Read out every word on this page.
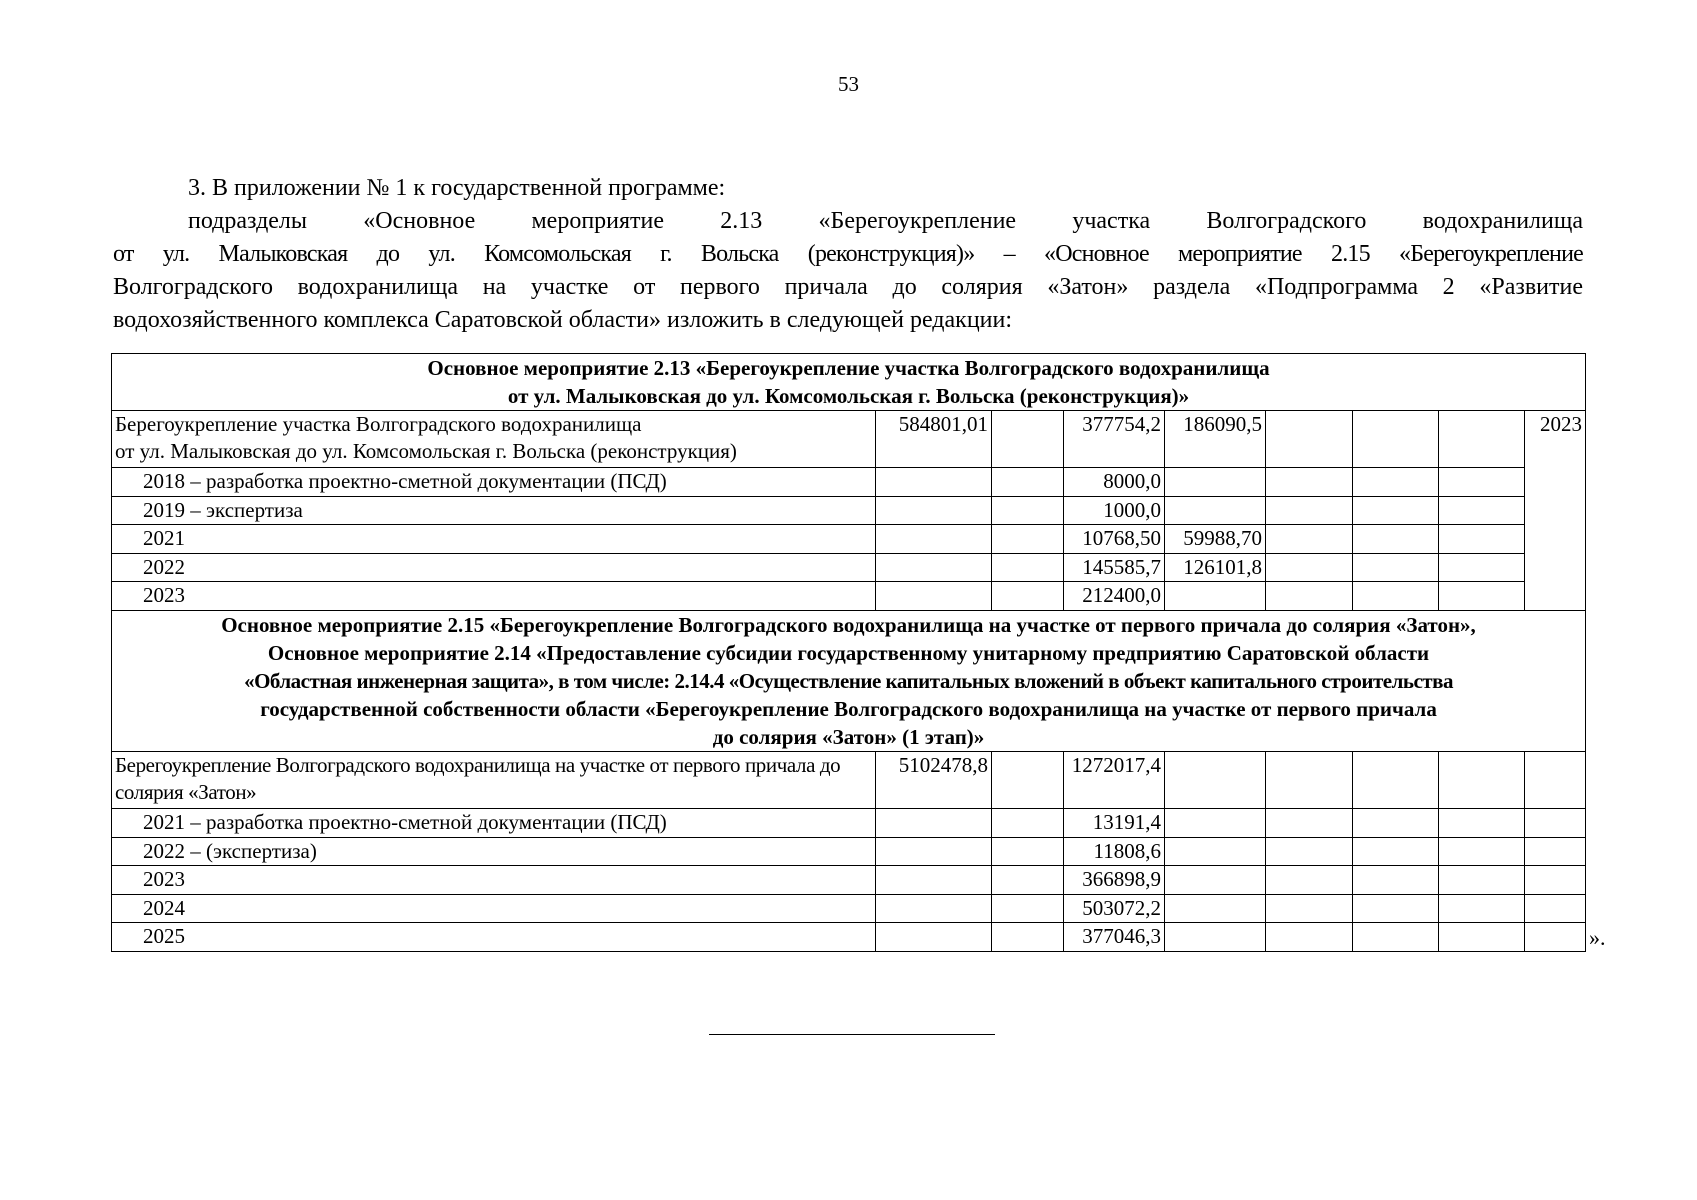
53
3. В приложении № 1 к государственной программе:
подразделы «Основное мероприятие 2.13 «Берегоукрепление участка Волгоградского водохранилища
от ул. Малыковская до ул. Комсомольская г. Вольска (реконструкция)» – «Основное мероприятие 2.15 «Берегоукрепление
Волгоградского водохранилища на участке от первого причала до солярия «Затон» раздела «Подпрограмма 2 «Развитие
водохозяйственного комплекса Саратовской области» изложить в следующей редакции:
Основное мероприятие 2.13 «Берегоукрепление участка Волгоградского водохранилища
от ул. Малыковская до ул. Комсомольская г. Вольска (реконструкция)»								

Берегоукрепление участка Волгоградского водохранилища
от ул. Малыковская до ул. Комсомольская г. Вольска (реконструкция)	584801,01		377754,2	186090,5				2023
2018 – разработка проектно-сметной документации (ПСД)			8000,0					
2019 – экспертиза			1000,0					
2021			10768,50	59988,70				
2022			145585,7	126101,8				
2023			212400,0					

Основное мероприятие 2.15 «Берегоукрепление Волгоградского водохранилища на участке от первого причала до солярия «Затон»,
Основное мероприятие 2.14 «Предоставление субсидии государственному унитарному предприятию Саратовской области
«Областная инженерная защита», в том числе: 2.14.4 «Осуществление капитальных вложений в объект капитального строительства
государственной собственности области «Берегоукрепление Волгоградского водохранилища на участке от первого причала
до солярия «Затон» (1 этап)»								

Берегоукрепление Волгоградского водохранилища на участке от первого причала до солярия «Затон»	5102478,8		1272017,4					
2021 – разработка проектно-сметной документации (ПСД)			13191,4					
2022 – (экспертиза)			11808,6					
2023			366898,9					
2024			503072,2					
2025			377046,3						».
